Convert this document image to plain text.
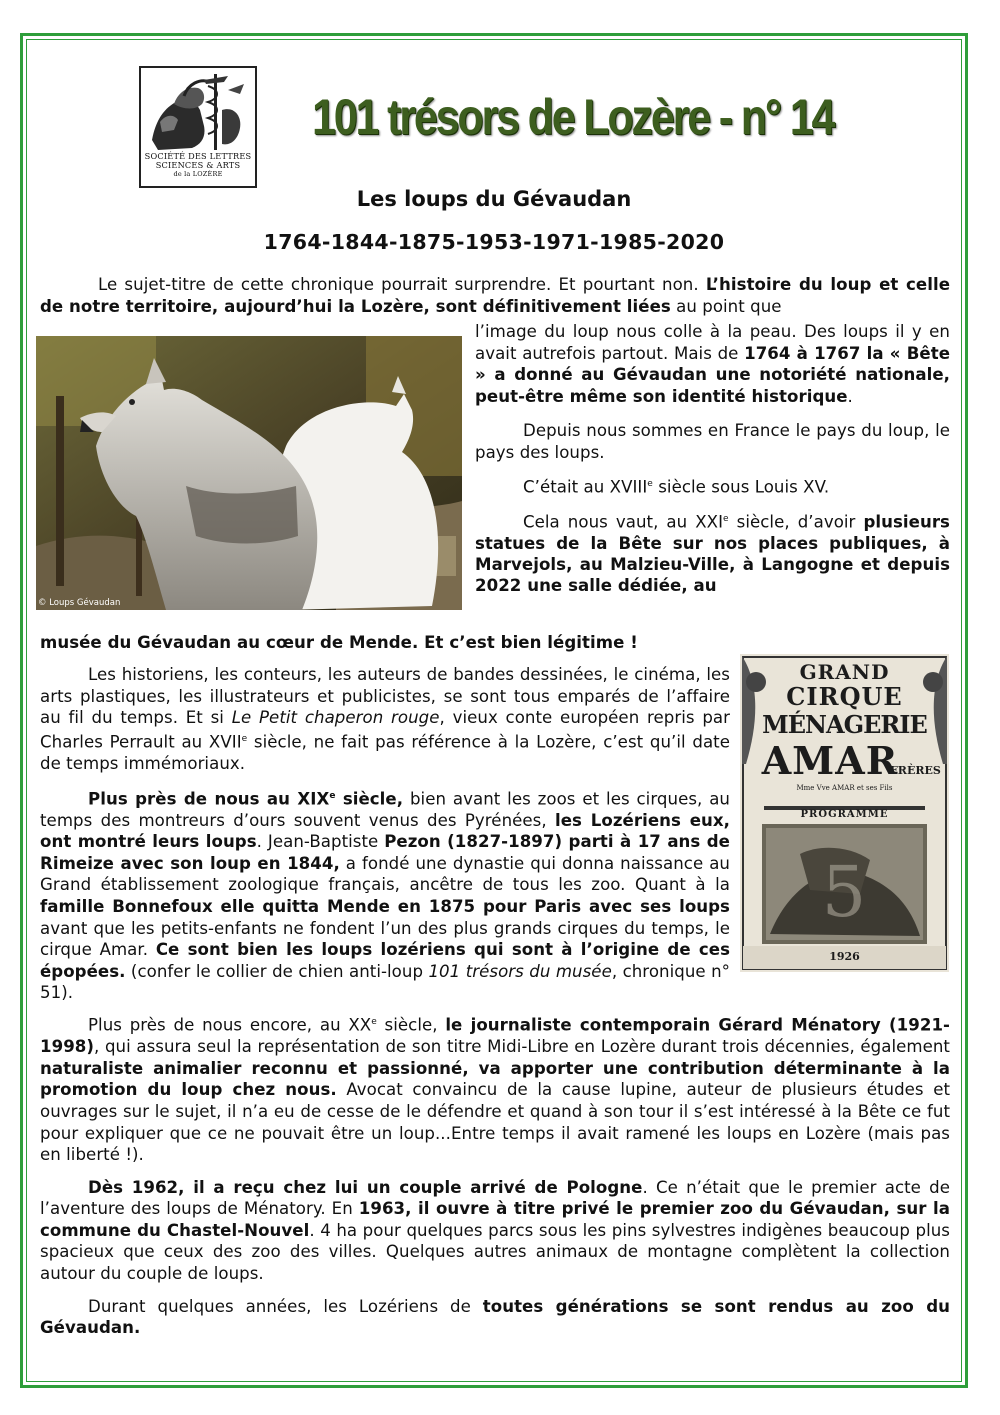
SOCIÉTÉ DES LETTRES
SCIENCES & ARTS

de la LOZÈRE
101 trésors de Lozère - n° 14
Les loups du Gévaudan
1764-1844-1875-1953-1971-1985-2020

Le sujet-titre de cette chronique pourrait surprendre. Et pourtant non. L’histoire du loup et celle de notre territoire, aujourd’hui la Lozère, sont définitivement liées au point que

© Loups Gévaudan

l’image du loup nous colle à la peau. Des loups il y en avait autrefois partout. Mais de 1764 à 1767 la « Bête » a donné au Gévaudan une notoriété nationale, peut-être même son identité historique.

Depuis nous sommes en France le pays du loup, le pays des loups.

C’était au XVIIIe siècle sous Louis XV.

Cela nous vaut, au XXIe siècle, d’avoir plusieurs statues de la Bête sur nos places publiques, à Marvejols, au Malzieu-Ville, à Langogne et depuis 2022 une salle dédiée, au

musée du Gévaudan au cœur de Mende. Et c’est bien légitime !

Les historiens, les conteurs, les auteurs de bandes dessinées, le cinéma, les arts plastiques, les illustrateurs et publicistes, se sont tous emparés de l’affaire au fil du temps. Et si Le Petit chaperon rouge, vieux conte européen repris par Charles Perrault au XVIIe siècle, ne fait pas référence à la Lozère, c’est qu’il date de temps immémoriaux.

Plus près de nous au XIXe siècle, bien avant les zoos et les cirques, au temps des montreurs d’ours souvent venus des Pyrénées, les Lozériens eux, ont montré leurs loups. Jean-Baptiste Pezon (1827-1897) parti à 17 ans de Rimeize avec son loup en 1844, a fondé une dynastie qui donna naissance au Grand établissement zoologique français, ancêtre de tous les zoo. Quant à la famille Bonnefoux elle quitta Mende en 1875 pour Paris avec ses loups avant que les petits-enfants ne fondent l’un des plus grands cirques du temps, le cirque Amar. Ce sont bien les loups lozériens qui sont à l’origine de ces épopées. (confer le collier de chien anti-loup 101 trésors du musée, chronique n° 51).

5
GRAND
CIRQUE
MÉNAGERIE
AMAR
FRÈRES
Mme Vve AMAR et ses Fils
PROGRAMME
1926

Plus près de nous encore, au XXe siècle, le journaliste contemporain Gérard Ménatory (1921-1998), qui assura seul la représentation de son titre Midi-Libre en Lozère durant trois décennies, également naturaliste animalier reconnu et passionné, va apporter une contribution déterminante à la promotion du loup chez nous. Avocat convaincu de la cause lupine, auteur de plusieurs études et ouvrages sur le sujet, il n’a eu de cesse de le défendre et quand à son tour il s’est intéressé à la Bête ce fut pour expliquer que ce ne pouvait être un loup...Entre temps il avait ramené les loups en Lozère (mais pas en liberté !).

Dès 1962, il a reçu chez lui un couple arrivé de Pologne. Ce n’était que le premier acte de l’aventure des loups de Ménatory. En 1963, il ouvre à titre privé le premier zoo du Gévaudan, sur la commune du Chastel-Nouvel. 4 ha pour quelques parcs sous les pins sylvestres indigènes beaucoup plus spacieux que ceux des zoo des villes. Quelques autres animaux de montagne complètent la collection autour du couple de loups.

Durant quelques années, les Lozériens de toutes générations se sont rendus au zoo du Gévaudan.
